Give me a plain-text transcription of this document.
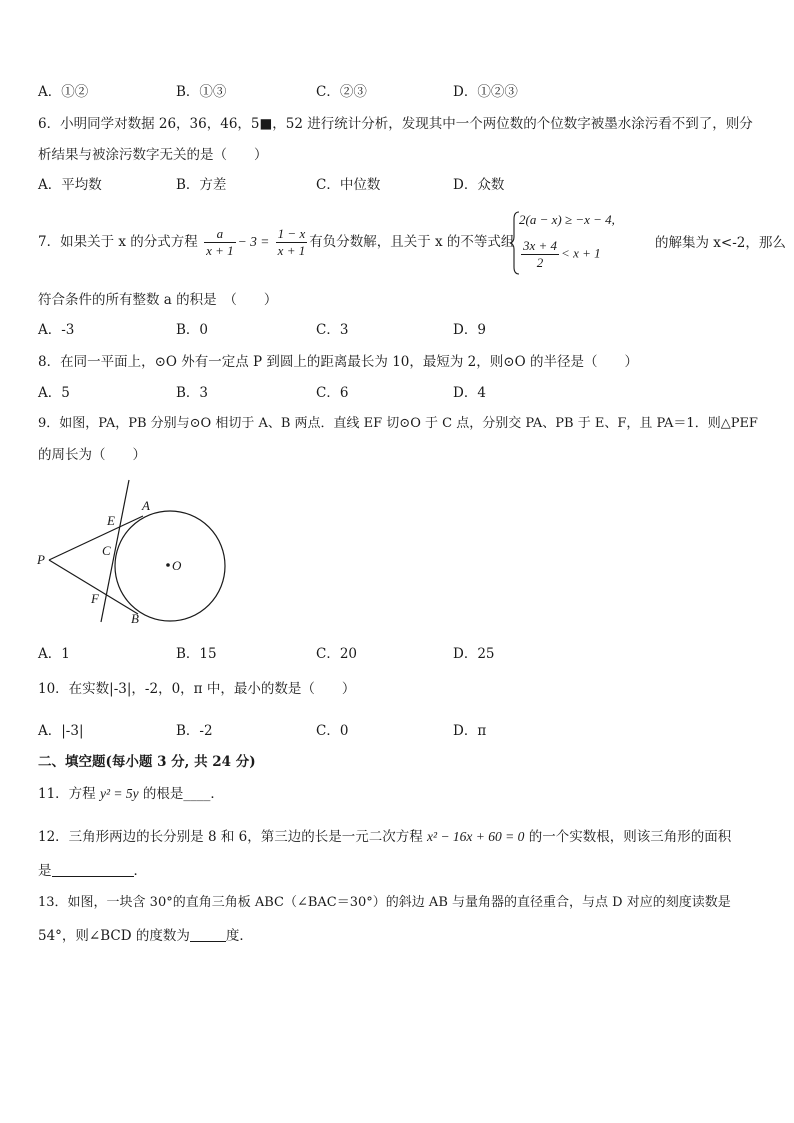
A．①②	B．①③	C．②③	D．①②③
6．小明同学对数据 26，36，46，5■，52 进行统计分析，发现其中一个两位数的个位数字被墨水涂污看不到了，则分
析结果与被涂污数字无关的是（　　）
A．平均数	B．方差	C．中位数	D．众数
7．如果关于 x 的分式方程 $\frac{a}{x + 1} - 3 = \frac{1 - x}{x + 1}$ 有负分数解，且关于 x 的不等式组
2(a − x) ≥ −x − 4,
$\frac{3x + 4}{2} < x + 1$
的解集为 x<-2，那么
符合条件的所有整数 a 的积是　（　　）
A．-3	B．0	C．3	D．9
8．在同一平面上，⊙O 外有一定点 P 到圆上的距离最长为 10，最短为 2，则⊙O 的半径是（　　）
A．5	B．3	C．6	D．4
9．如图，PA，PB 分别与⊙O 相切于 A、B 两点．直线 EF 切⊙O 于 C 点，分别交 PA、PB 于 E、F，且 PA＝1．则△PEF
的周长为（　　）
P
A
E
C
O
F
B
A．1	B．15	C．20	D．25
10．在实数|-3|，-2，0，π 中，最小的数是（　　）
A．|-3|	B．-2	C．0	D．π
二、填空题(每小题 3 分, 共 24 分)
11．方程 y² = 5y 的根是____．
12．三角形两边的长分别是 8 和 6，第三边的长是一元二次方程 x² − 16x + 60 = 0 的一个实数根，则该三角形的面积
是	．
13．如图，一块含 30°的直角三角板 ABC（∠BAC＝30°）的斜边 AB 与量角器的直径重合，与点 D 对应的刻度读数是
54°，则∠BCD 的度数为	度．
